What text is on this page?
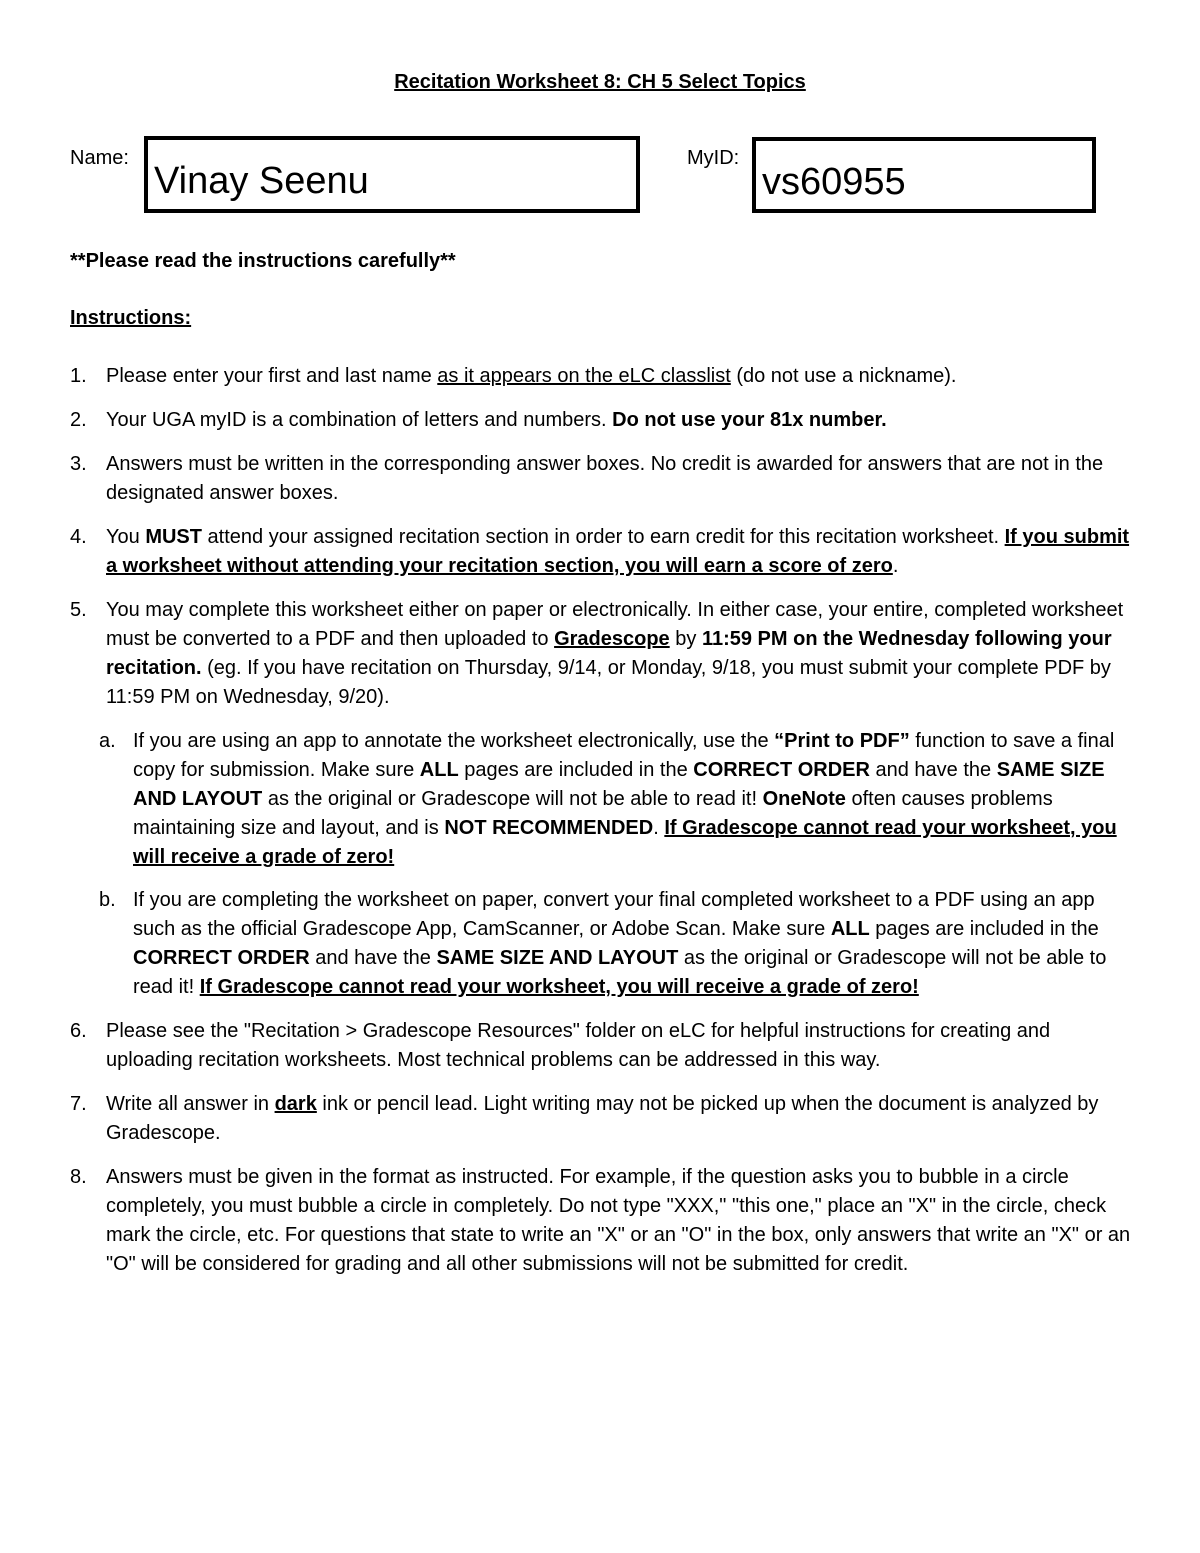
Recitation Worksheet 8: CH 5 Select Topics
Name:
Vinay Seenu
MyID:
vs60955
**Please read the instructions carefully**
Instructions:
1. Please enter your first and last name as it appears on the eLC classlist (do not use a nickname).
2. Your UGA myID is a combination of letters and numbers. Do not use your 81x number.
3. Answers must be written in the corresponding answer boxes. No credit is awarded for answers that are not in the designated answer boxes.
4. You MUST attend your assigned recitation section in order to earn credit for this recitation worksheet. If you submit a worksheet without attending your recitation section, you will earn a score of zero.
5. You may complete this worksheet either on paper or electronically. In either case, your entire, completed worksheet must be converted to a PDF and then uploaded to Gradescope by 11:59 PM on the Wednesday following your recitation. (eg. If you have recitation on Thursday, 9/14, or Monday, 9/18, you must submit your complete PDF by 11:59 PM on Wednesday, 9/20).
a. If you are using an app to annotate the worksheet electronically, use the “Print to PDF” function to save a final copy for submission. Make sure ALL pages are included in the CORRECT ORDER and have the SAME SIZE AND LAYOUT as the original or Gradescope will not be able to read it! OneNote often causes problems maintaining size and layout, and is NOT RECOMMENDED. If Gradescope cannot read your worksheet, you will receive a grade of zero!
b. If you are completing the worksheet on paper, convert your final completed worksheet to a PDF using an app such as the official Gradescope App, CamScanner, or Adobe Scan. Make sure ALL pages are included in the CORRECT ORDER and have the SAME SIZE AND LAYOUT as the original or Gradescope will not be able to read it! If Gradescope cannot read your worksheet, you will receive a grade of zero!
6. Please see the "Recitation > Gradescope Resources" folder on eLC for helpful instructions for creating and uploading recitation worksheets. Most technical problems can be addressed in this way.
7. Write all answer in dark ink or pencil lead. Light writing may not be picked up when the document is analyzed by Gradescope.
8. Answers must be given in the format as instructed. For example, if the question asks you to bubble in a circle completely, you must bubble a circle in completely. Do not type "XXX," "this one," place an "X" in the circle, check mark the circle, etc. For questions that state to write an "X" or an "O" in the box, only answers that write an "X" or an "O" will be considered for grading and all other submissions will not be submitted for credit.
